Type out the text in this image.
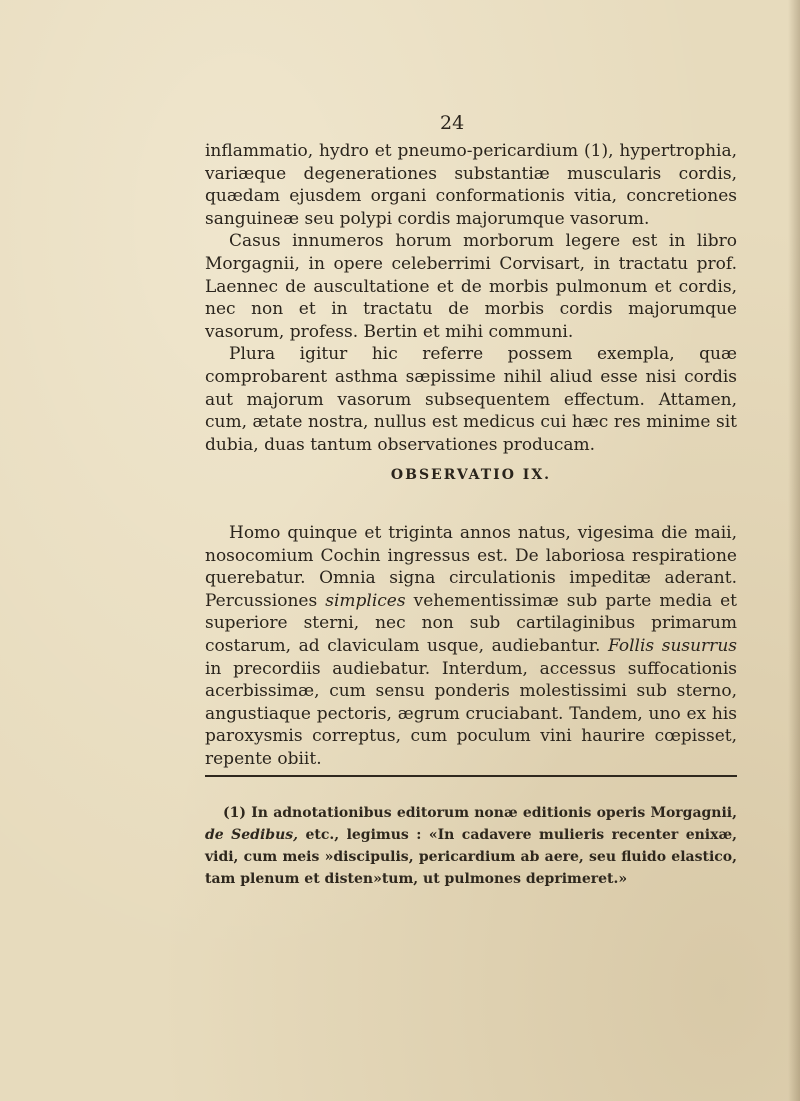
24

inflammatio, hydro et pneumo-pericardium (1), hypertrophia, variæque degenerationes substantiæ muscularis cordis, quædam ejusdem organi conformationis vitia, concretiones sanguineæ seu polypi cordis majorumque vasorum.

Casus innumeros horum morborum legere est in libro Morgagnii, in opere celeberrimi Corvisart, in tractatu prof. Laennec de auscultatione et de morbis pulmonum et cordis, nec non et in tractatu de morbis cordis majorumque vasorum, profess. Bertin et mihi communi.

Plura igitur hic referre possem exempla, quæ comprobarent asthma sæpissime nihil aliud esse nisi cordis aut majorum vasorum subsequentem effectum. Attamen, cum, ætate nostra, nullus est medicus cui hæc res minime sit dubia, duas tantum observationes producam.

OBSERVATIO IX.

Homo quinque et triginta annos natus, vigesima die maii, nosocomium Cochin ingressus est. De laboriosa respiratione querebatur. Omnia signa circulationis impeditæ aderant. Percussiones simplices vehementissimæ sub parte media et superiore sterni, nec non sub cartilaginibus primarum costarum, ad claviculam usque, audiebantur. Follis susurrus in precordiis audiebatur. Interdum, accessus suffocationis acerbissimæ, cum sensu ponderis molestissimi sub sterno, angustiaque pectoris, ægrum cruciabant. Tandem, uno ex his paroxysmis correptus, cum poculum vini haurire cœpisset, repente obiit.

(1) In adnotationibus editorum nonæ editionis operis Morgagnii, de Sedibus, etc., legimus : «In cadavere mulieris recenter enixæ, vidi, cum meis »discipulis, pericardium ab aere, seu fluido elastico, tam plenum et disten»tum, ut pulmones deprimeret.»
